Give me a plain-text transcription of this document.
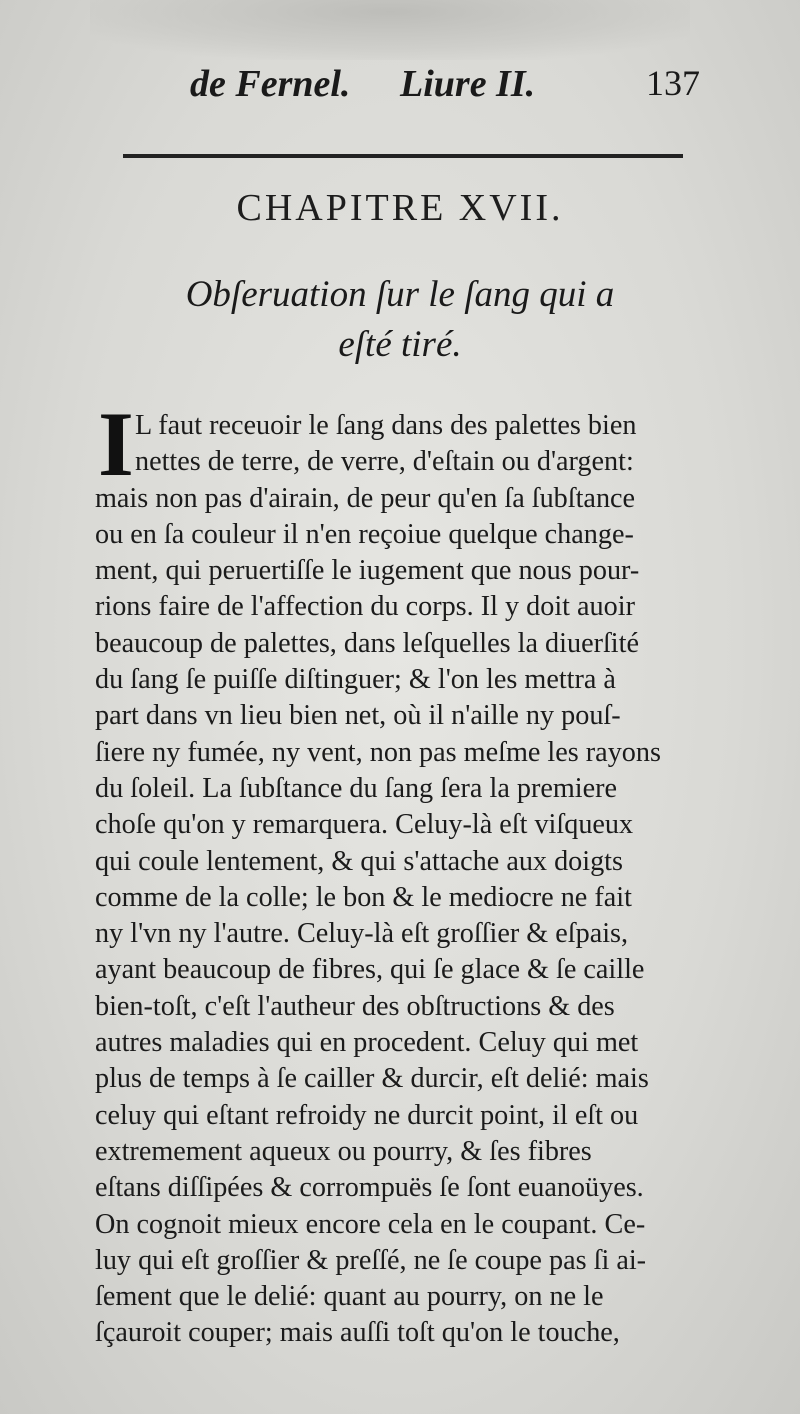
de Fernel. Liure II.	137
CHAPITRE XVII.
Obſeruation ſur le ſang qui a
eſté tiré.
I L faut receuoir le ſang dans des palettes bien
nettes de terre, de verre, d'eſtain ou d'argent:
mais non pas d'airain, de peur qu'en ſa ſubſtance
ou en ſa couleur il n'en reçoiue quelque change-
ment, qui peruertiſſe le iugement que nous pour-
rions faire de l'affection du corps. Il y doit auoir
beaucoup de palettes, dans leſquelles la diuerſité
du ſang ſe puiſſe diſtinguer; & l'on les mettra à
part dans vn lieu bien net, où il n'aille ny pouſ-
ſiere ny fumée, ny vent, non pas meſme les rayons
du ſoleil. La ſubſtance du ſang ſera la premiere
choſe qu'on y remarquera. Celuy-là eſt viſqueux
qui coule lentement, & qui s'attache aux doigts
comme de la colle; le bon & le mediocre ne fait
ny l'vn ny l'autre. Celuy-là eſt groſſier & eſpais,
ayant beaucoup de fibres, qui ſe glace & ſe caille
bien-toſt, c'eſt l'autheur des obſtructions & des
autres maladies qui en procedent. Celuy qui met
plus de temps à ſe cailler & durcir, eſt delié: mais
celuy qui eſtant refroidy ne durcit point, il eſt ou
extremement aqueux ou pourry, & ſes fibres
eſtans diſſipées & corrompuës ſe ſont euanoüyes.
On cognoit mieux encore cela en le coupant. Ce-
luy qui eſt groſſier & preſſé, ne ſe coupe pas ſi ai-
ſement que le delié: quant au pourry, on ne le
ſçauroit couper; mais auſſi toſt qu'on le touche,
